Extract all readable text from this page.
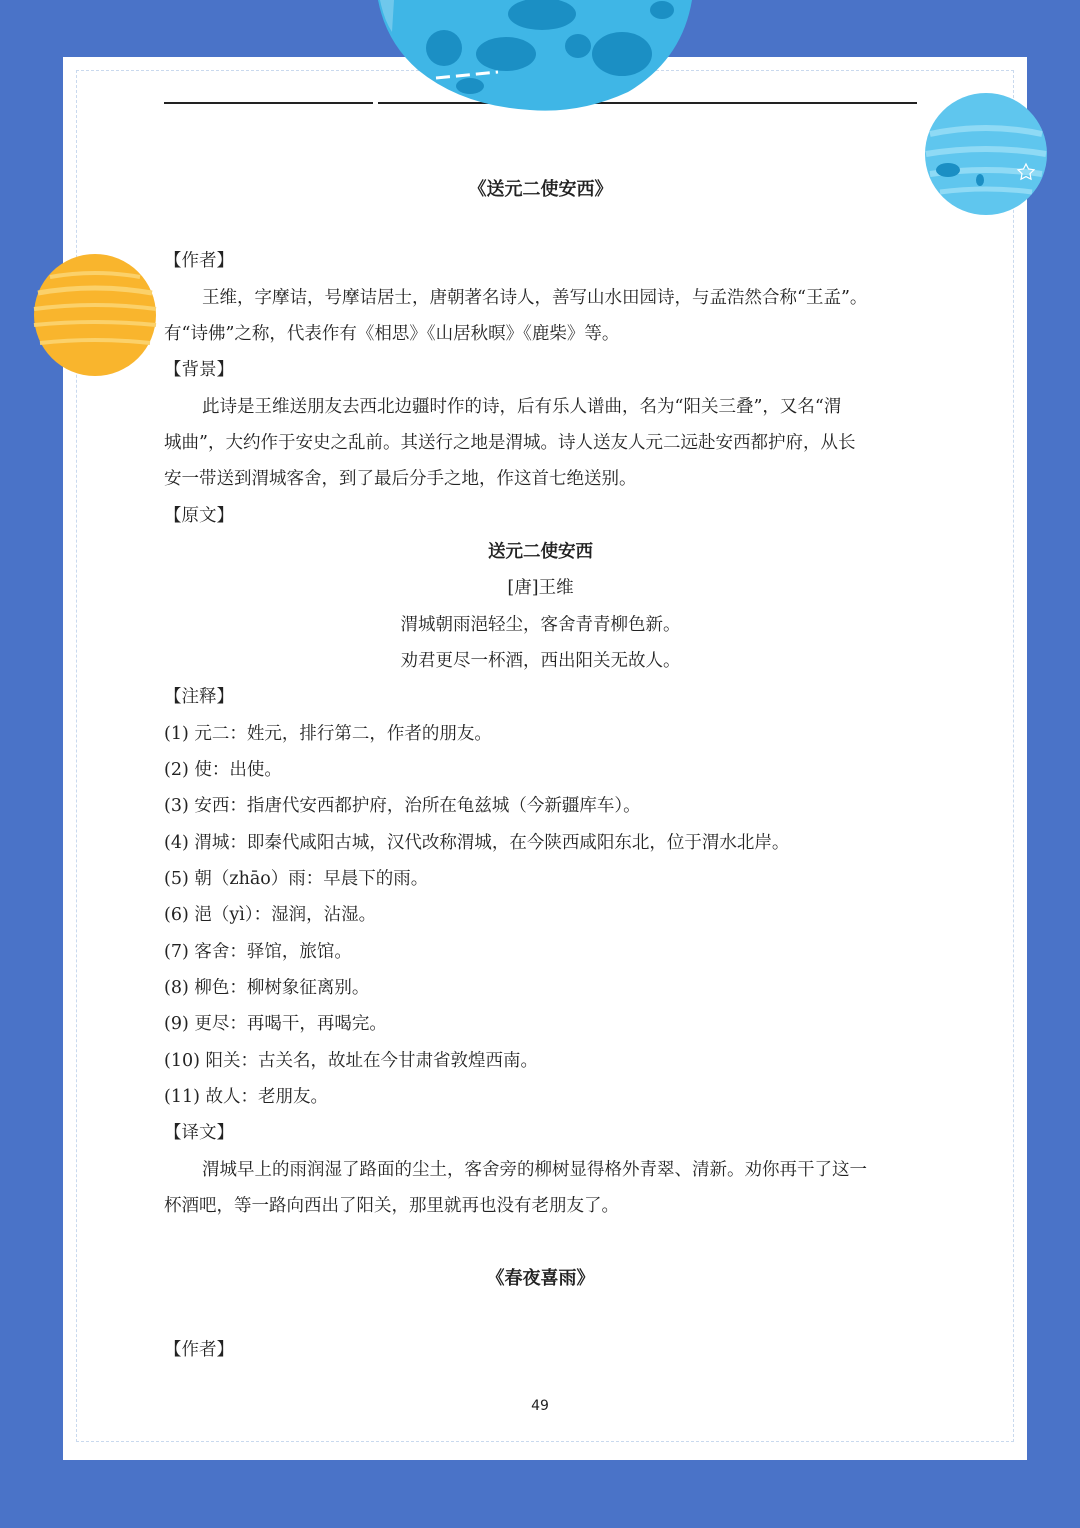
《送元二使安西》
【作者】
王维，字摩诘，号摩诘居士，唐朝著名诗人，善写山水田园诗，与孟浩然合称“王孟”。
有“诗佛”之称，代表作有《相思》《山居秋暝》《鹿柴》等。
【背景】
此诗是王维送朋友去西北边疆时作的诗，后有乐人谱曲，名为“阳关三叠”，又名“渭
城曲”，大约作于安史之乱前。其送行之地是渭城。诗人送友人元二远赴安西都护府，从长
安一带送到渭城客舍，到了最后分手之地，作这首七绝送别。
【原文】
送元二使安西
[唐]王维
渭城朝雨浥轻尘，客舍青青柳色新。
劝君更尽一杯酒，西出阳关无故人。
【注释】
(1) 元二：姓元，排行第二，作者的朋友。
(2) 使：出使。
(3) 安西：指唐代安西都护府，治所在龟兹城（今新疆库车）。
(4) 渭城：即秦代咸阳古城，汉代改称渭城，在今陕西咸阳东北，位于渭水北岸。
(5) 朝（zhāo）雨：早晨下的雨。
(6) 浥（yì）：湿润，沾湿。
(7) 客舍：驿馆，旅馆。
(8) 柳色：柳树象征离别。
(9) 更尽：再喝干，再喝完。
(10) 阳关：古关名，故址在今甘肃省敦煌西南。
(11) 故人：老朋友。
【译文】
渭城早上的雨润湿了路面的尘土，客舍旁的柳树显得格外青翠、清新。劝你再干了这一
杯酒吧，等一路向西出了阳关，那里就再也没有老朋友了。
《春夜喜雨》
【作者】
49
